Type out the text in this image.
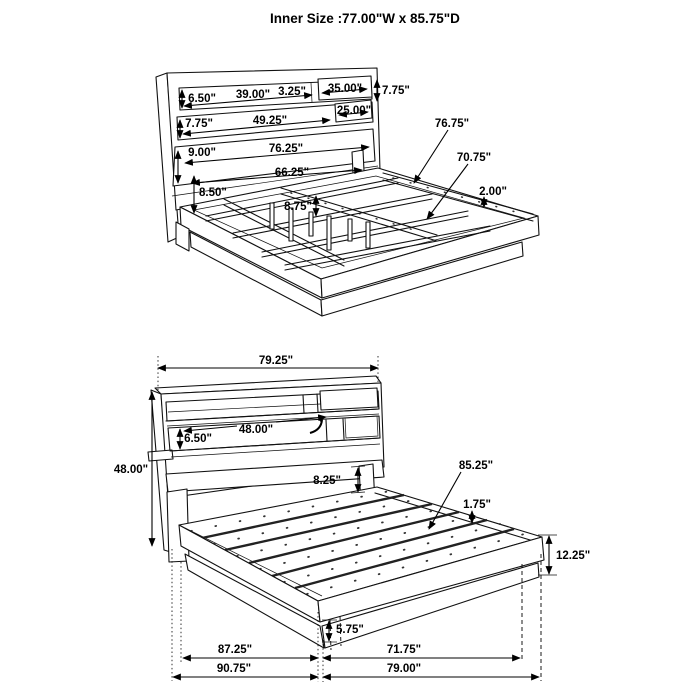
Inner Size :77.00"W x 85.75"D
6.50" 39.00" 3.25" 35.00" 7.75"
7.75"	49.25"
25.00"
9.00"	76.25"
66.25"
8.50"
8.75"
76.75"
70.75"
2.00"
79.25"
48.00"
6.50"
48.00"
8.25"
85.25"
1.75"
12.25"
5.75"
87.25"	71.75"
90.75"	79.00"
